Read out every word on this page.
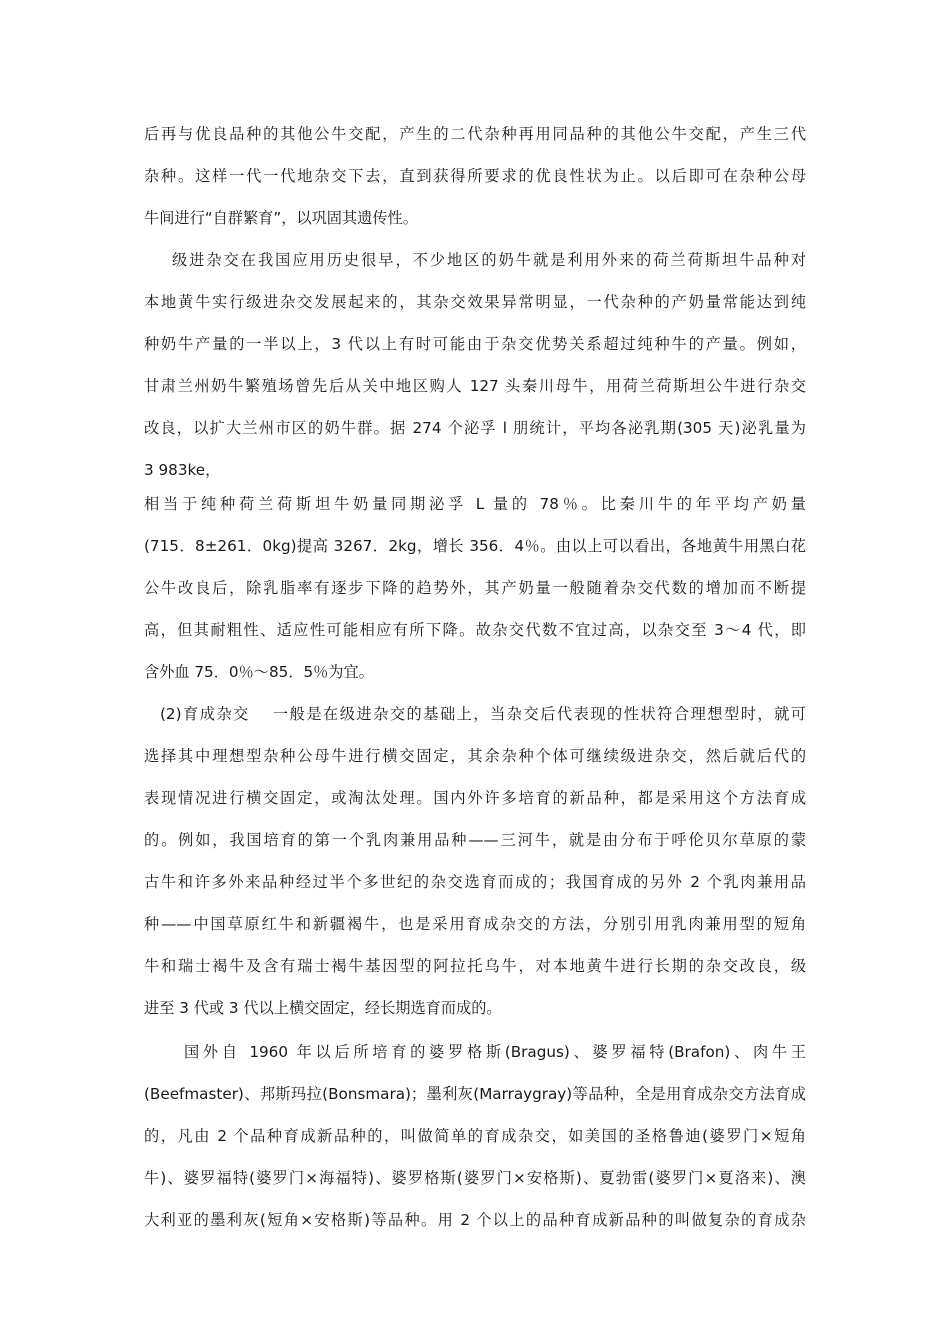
后再与优良品种的其他公牛交配，产生的二代杂种再用同品种的其他公牛交配，产生三代
杂种。这样一代一代地杂交下去，直到获得所要求的优良性状为止。以后即可在杂种公母
牛间进行“自群繁育”，以巩固其遗传性。
级进杂交在我国应用历史很早，不少地区的奶牛就是利用外来的荷兰荷斯坦牛品种对
本地黄牛实行级进杂交发展起来的，其杂交效果异常明显，一代杂种的产奶量常能达到纯
种奶牛产量的一半以上，3 代以上有时可能由于杂交优势关系超过纯种牛的产量。例如，
甘肃兰州奶牛繁殖场曾先后从关中地区购人 127 头秦川母牛，用荷兰荷斯坦公牛进行杂交
改良，以扩大兰州市区的奶牛群。据 274 个泌孚 l 朋统计，平均各泌乳期(305 天)泌乳量为
3 983ke，
相当于纯种荷兰荷斯坦牛奶量同期泌孚 L 量的 78％。比秦川牛的年平均产奶量
(715．8±261．0kg)提高 3267．2kg，增长 356．4％。由以上可以看出，各地黄牛用黑白花
公牛改良后，除乳脂率有逐步下降的趋势外，其产奶量一般随着杂交代数的增加而不断提
高，但其耐粗性、适应性可能相应有所下降。故杂交代数不宜过高，以杂交至 3～4 代，即
含外血 75．0％～85．5％为宜。
(2)育成杂交　 一般是在级进杂交的基础上，当杂交后代表现的性状符合理想型时，就可
选择其中理想型杂种公母牛进行横交固定，其余杂种个体可继续级进杂交，然后就后代的
表现情况进行横交固定，或淘汰处理。国内外许多培育的新品种，都是采用这个方法育成
的。例如，我国培育的第一个乳肉兼用品种——三河牛，就是由分布于呼伦贝尔草原的蒙
古牛和许多外来品种经过半个多世纪的杂交选育而成的；我国育成的另外 2 个乳肉兼用品
种——中国草原红牛和新疆褐牛，也是采用育成杂交的方法，分别引用乳肉兼用型的短角
牛和瑞士褐牛及含有瑞士褐牛基因型的阿拉托乌牛，对本地黄牛进行长期的杂交改良，级
进至 3 代或 3 代以上横交固定，经长期选育而成的。
国外自 1960 年以后所培育的婆罗格斯(Bragus)、婆罗福特(Brafon)、肉牛王
(Beefmaster)、邦斯玛拉(Bonsmara)；墨利灰(Marraygray)等品种，全是用育成杂交方法育成
的，凡由 2 个品种育成新品种的，叫做简单的育成杂交，如美国的圣格鲁迪(婆罗门×短角
牛)、婆罗福特(婆罗门×海福特)、婆罗格斯(婆罗门×安格斯)、夏勃雷(婆罗门×夏洛来)、澳
大利亚的墨利灰(短角×安格斯)等品种。用 2 个以上的品种育成新品种的叫做复杂的育成杂
